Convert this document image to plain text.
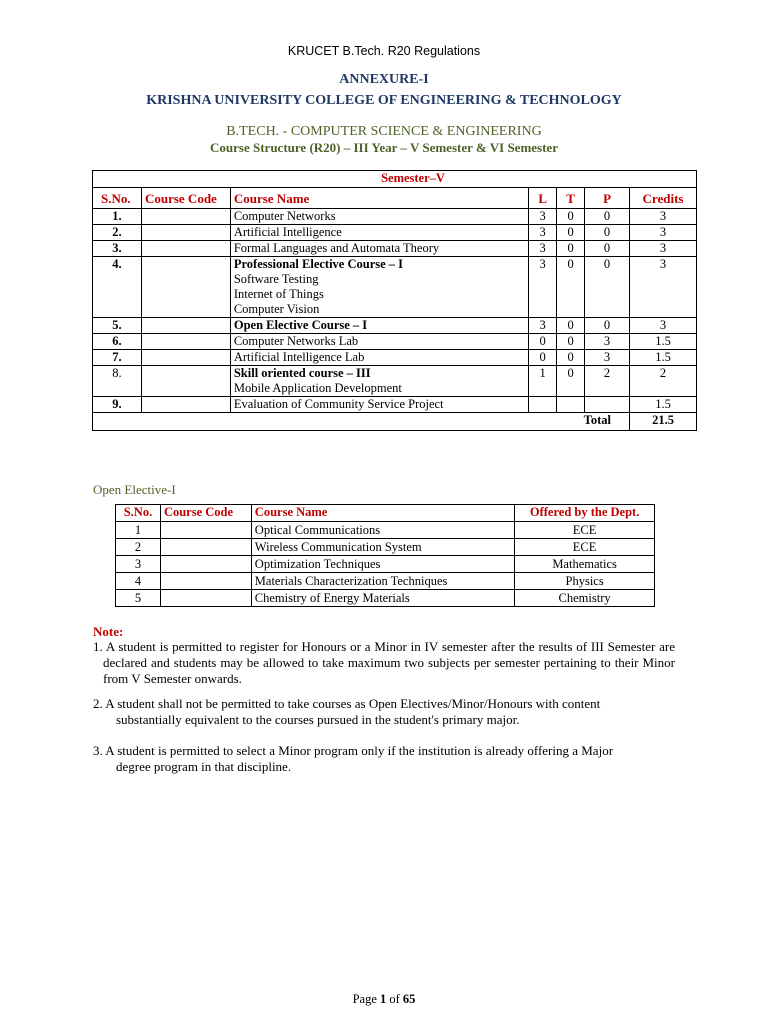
KRUCET B.Tech. R20 Regulations
ANNEXURE-I
KRISHNA UNIVERSITY COLLEGE OF ENGINEERING & TECHNOLOGY
B.TECH. - COMPUTER SCIENCE & ENGINEERING
Course Structure (R20) – III Year – V Semester & VI Semester
Semester–V						
S.No.	Course Code	Course Name	L	T	P	Credits
1.		Computer Networks	3	0	0	3
2.		Artificial Intelligence	3	0	0	3
3.		Formal Languages and Automata Theory	3	0	0	3
4.		Professional Elective Course – I
Software Testing
Internet of Things
Computer Vision	3	0	0	3
5.		Open Elective Course – I	3	0	0	3
6.		Computer Networks Lab	0	0	3	1.5
7.		Artificial Intelligence Lab	0	0	3	1.5
8.		Skill oriented course – III
Mobile Application Development	1	0	2	2
9.		Evaluation of Community Service Project				1.5
Total						21.5
Open Elective-I
S.No.	Course Code	Course Name	Offered by the Dept.
1		Optical Communications	ECE
2		Wireless Communication System	ECE
3		Optimization Techniques	Mathematics
4		Materials Characterization Techniques	Physics
5		Chemistry of Energy Materials	Chemistry
Note:
1. A student is permitted to register for Honours or a Minor in IV semester after the results of III Semester are declared and students may be allowed to take maximum two subjects per semester pertaining to their Minor from V Semester onwards.
2. A student shall not be permitted to take courses as Open Electives/Minor/Honours with content
substantially equivalent to the courses pursued in the student's primary major.
3. A student is permitted to select a Minor program only if the institution is already offering a Major
degree program in that discipline.
Page 1 of 65
